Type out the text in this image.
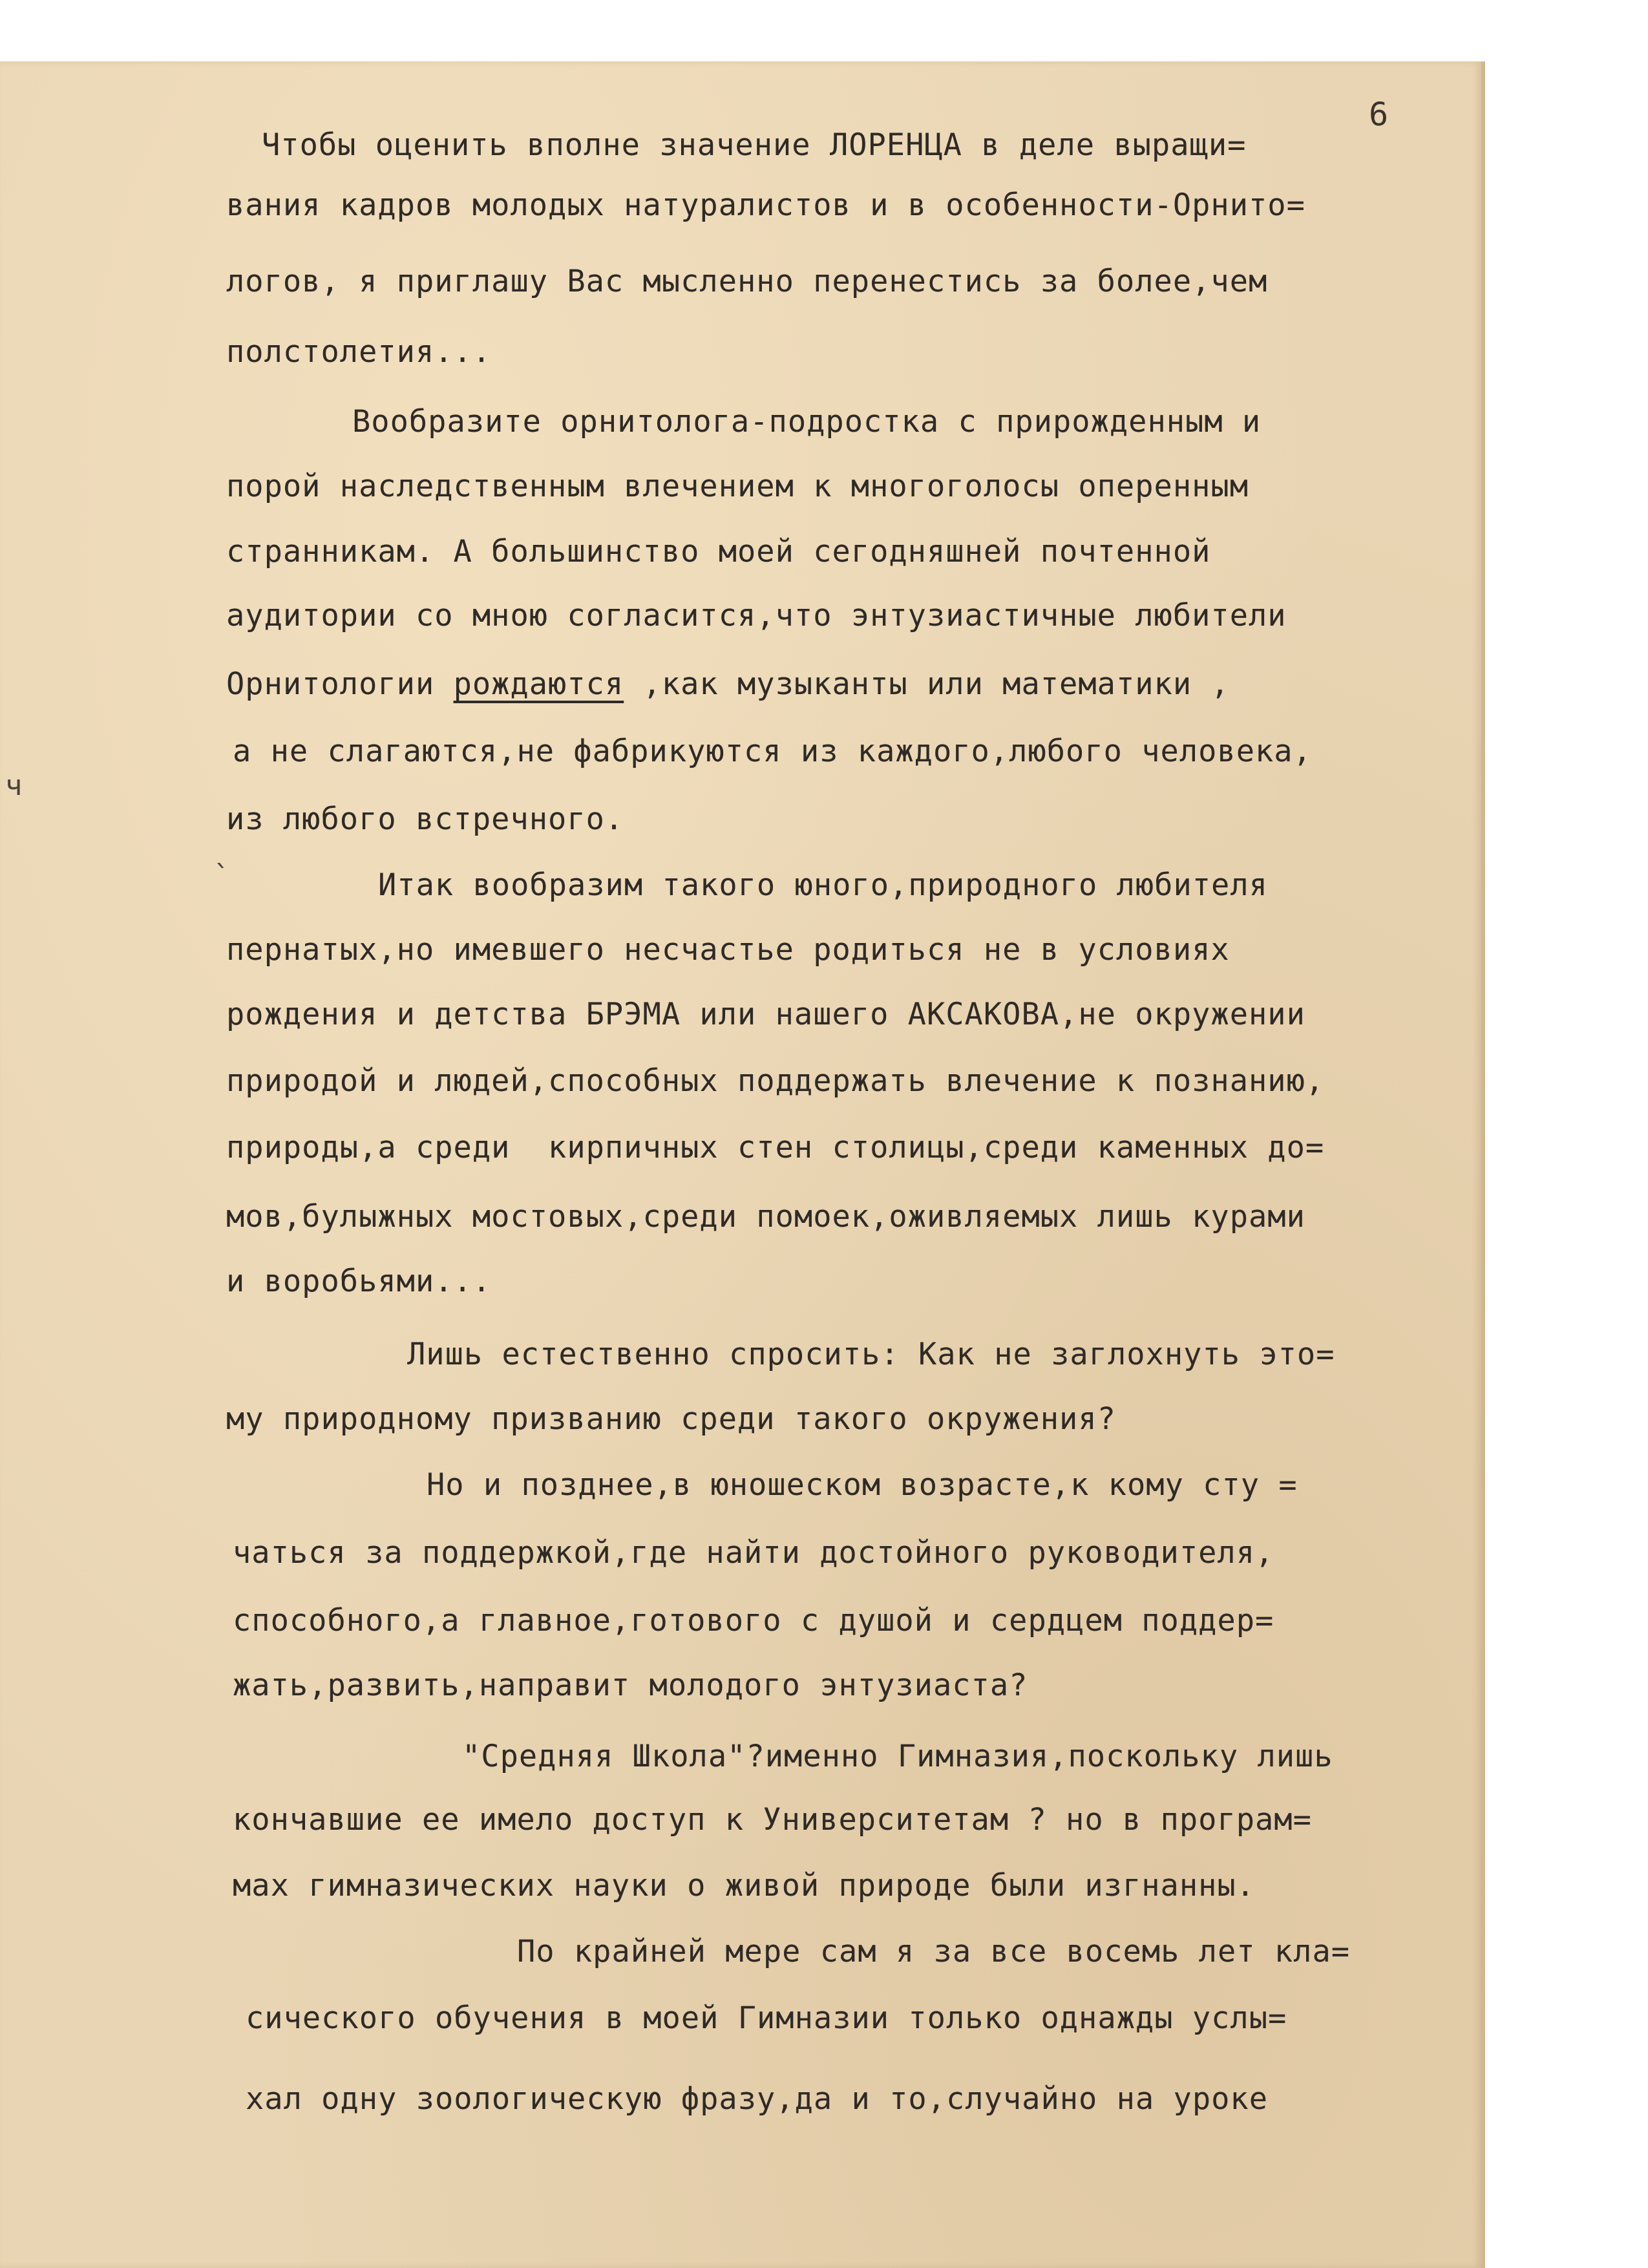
6
ч
`
Чтобы оценить вполне значение ЛОРЕНЦА в деле выращи=
вания кадров молодых натуралистов и в особенности-Орнито=
логов, я приглашу Вас мысленно перенестись за более,чем
полстолетия...
Вообразите орнитолога-подростка с прирожденным и
порой наследственным влечением к многоголосы оперенным
странникам. А большинство моей сегодняшней почтенной
аудитории со мною согласится,что энтузиастичные любители
Орнитологии рождаются ,как музыканты или математики ,
а не слагаются,не фабрикуются из каждого,любого человека,
из любого встречного.
Итак вообразим такого юного,природного любителя
пернатых,но имевшего несчастье родиться не в условиях
рождения и детства БРЭМА или нашего АКСАКОВА,не окружении
природой и людей,способных поддержать влечение к познанию,
природы,а среди  кирпичных стен столицы,среди каменных до=
мов,булыжных мостовых,среди помоек,оживляемых лишь курами
и воробьями...
Лишь естественно спросить: Как не заглохнуть это=
му природному призванию среди такого окружения?
Но и позднее,в юношеском возрасте,к кому сту =
чаться за поддержкой,где найти достойного руководителя,
способного,а главное,готового с душой и сердцем поддер=
жать,развить,направит молодого энтузиаста?
"Средняя Школа"?именно Гимназия,поскольку лишь
кончавшие ее имело доступ к Университетам ? но в програм=
мах гимназических науки о живой природе были изгнанны.
По крайней мере сам я за все восемь лет кла=
сического обучения в моей Гимназии только однажды услы=
хал одну зоологическую фразу,да и то,случайно на уроке
